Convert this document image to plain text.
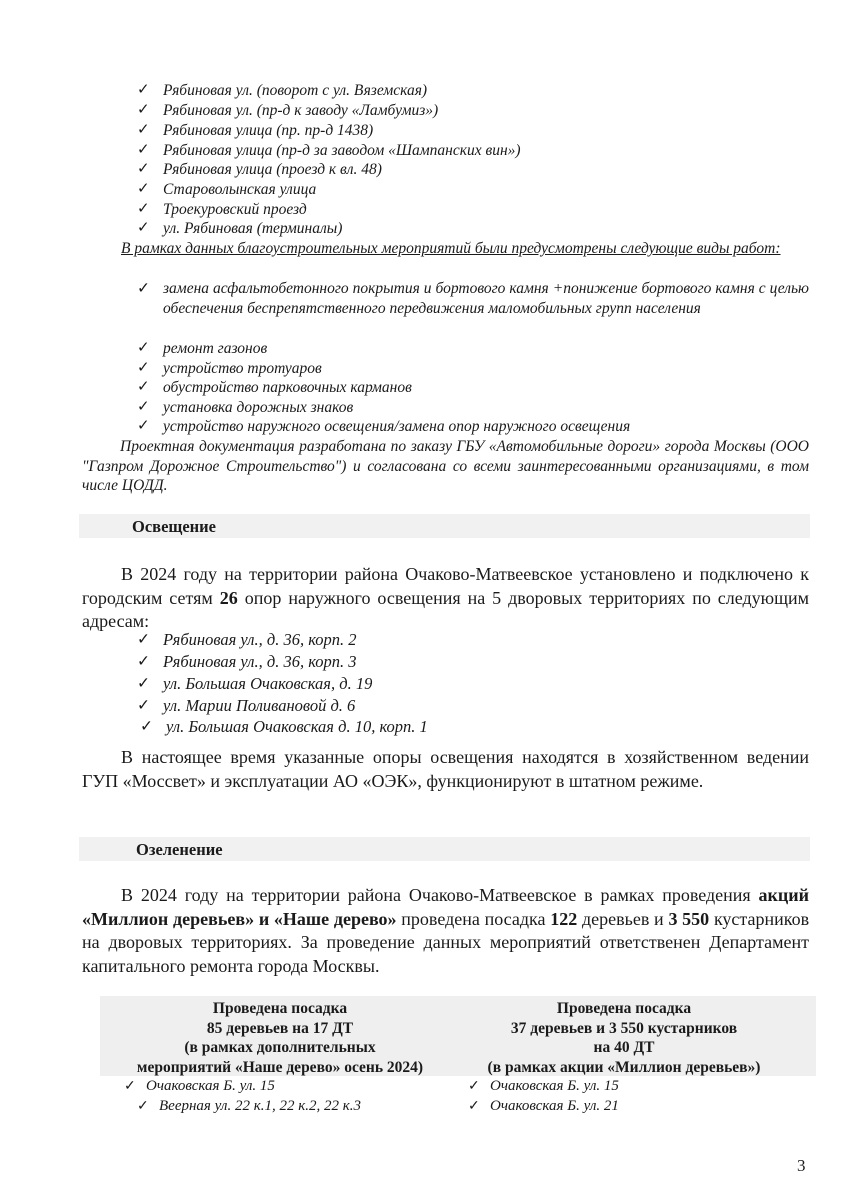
✓ Рябиновая ул. (поворот с ул. Вяземская)
✓ Рябиновая ул. (пр-д к заводу «Ламбумиз»)
✓ Рябиновая улица (пр. пр-д 1438)
✓ Рябиновая улица (пр-д за заводом «Шампанских вин»)
✓ Рябиновая улица (проезд к вл. 48)
✓ Староволынская улица
✓ Троекуровский проезд
✓ ул. Рябиновая (терминалы)
В рамках данных благоустроительных мероприятий были предусмотрены следующие виды работ:
✓ замена асфальтобетонного покрытия и бортового камня +понижение бортового камня с целью обеспечения беспрепятственного передвижения маломобильных групп населения
✓ ремонт газонов
✓ устройство тротуаров
✓ обустройство парковочных карманов
✓ установка дорожных знаков
✓ устройство наружного освещения/замена опор наружного освещения
Проектная документация разработана по заказу ГБУ «Автомобильные дороги» города Москвы (ООО "Газпром Дорожное Строительство") и согласована со всеми заинтересованными организациями, в том числе ЦОДД.
Освещение
В 2024 году на территории района Очаково-Матвеевское установлено и подключено к городским сетям 26 опор наружного освещения на 5 дворовых территориях по следующим адресам:
✓ Рябиновая ул., д. 36, корп. 2
✓ Рябиновая ул., д. 36, корп. 3
✓ ул. Большая Очаковская, д. 19
✓ ул. Марии Поливановой д. 6
✓ ул. Большая Очаковская д. 10, корп. 1
В настоящее время указанные опоры освещения находятся в хозяйственном ведении ГУП «Моссвет» и эксплуатации АО «ОЭК», функционируют в штатном режиме.
Озеленение
В 2024 году на территории района Очаково-Матвеевское в рамках проведения акций «Миллион деревьев» и «Наше дерево» проведена посадка 122 деревьев и 3 550 кустарников на дворовых территориях. За проведение данных мероприятий ответственен Департамент капитального ремонта города Москвы.
Проведена посадка
85 деревьев на 17 ДТ
(в рамках дополнительных
мероприятий «Наше дерево» осень 2024)
Проведена посадка
37 деревьев и 3 550 кустарников
на 40 ДТ
(в рамках акции «Миллион деревьев»)
✓ Очаковская Б. ул. 15
✓ Веерная ул. 22 к.1, 22 к.2, 22 к.3
✓ Очаковская Б. ул. 15
✓ Очаковская Б. ул. 21
3
